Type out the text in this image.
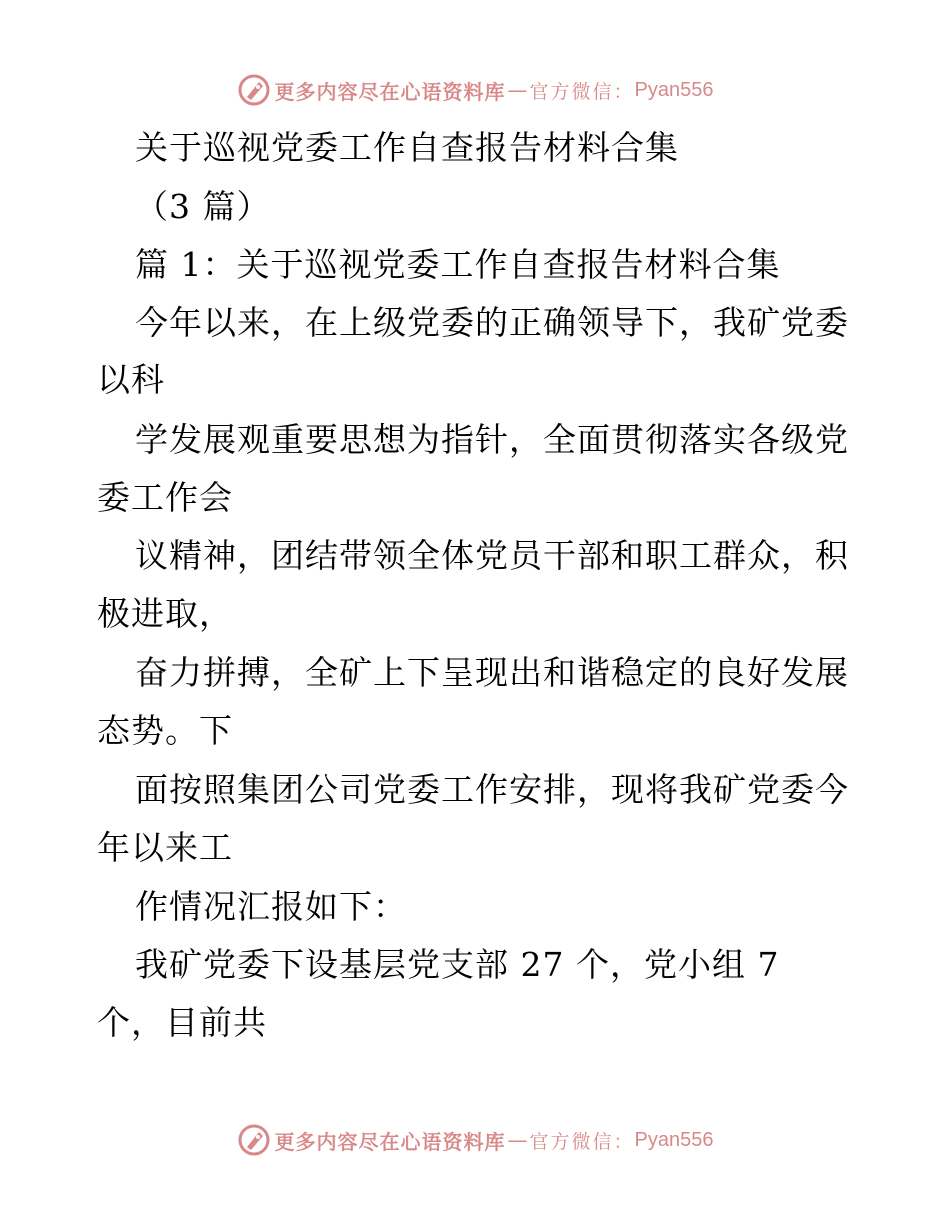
更多内容尽在心语资料库 — 官方微信： Pyan556
关于巡视党委工作自查报告材料合集
（3 篇）
篇 1：关于巡视党委工作自查报告材料合集
今年以来，在上级党委的正确领导下，我矿党委
以科
学发展观重要思想为指针，全面贯彻落实各级党
委工作会
议精神，团结带领全体党员干部和职工群众，积
极进取，
奋力拼搏，全矿上下呈现出和谐稳定的良好发展
态势。下
面按照集团公司党委工作安排，现将我矿党委今
年以来工
作情况汇报如下：
我矿党委下设基层党支部 27 个，党小组 7
个，目前共
更多内容尽在心语资料库 — 官方微信： Pyan556
